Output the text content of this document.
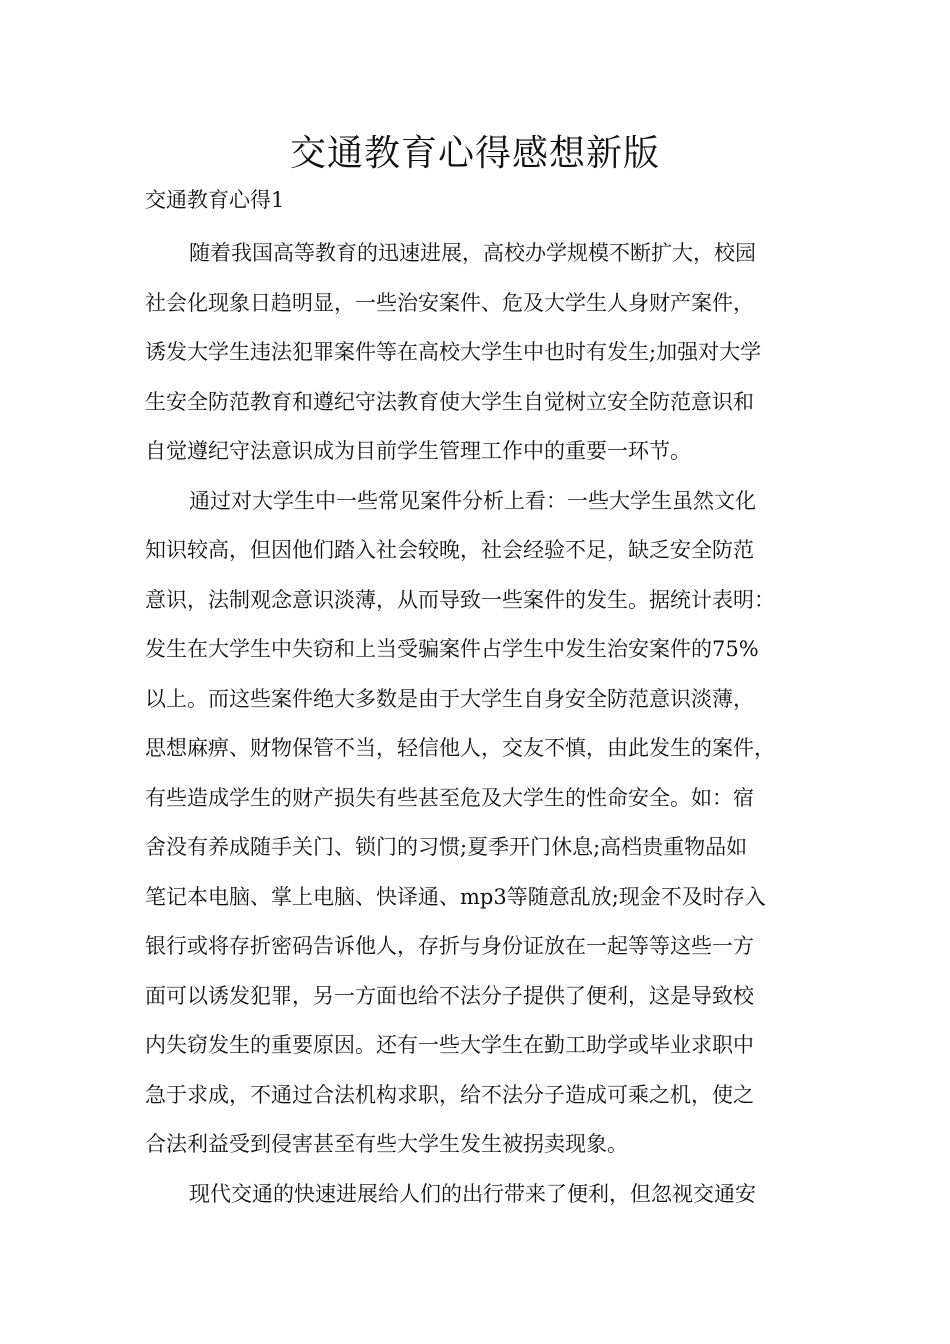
交通教育心得感想新版

交通教育心得1

随着我国高等教育的迅速进展，高校办学规模不断扩大，校园
社会化现象日趋明显，一些治安案件、危及大学生人身财产案件，
诱发大学生违法犯罪案件等在高校大学生中也时有发生;加强对大学
生安全防范教育和遵纪守法教育使大学生自觉树立安全防范意识和
自觉遵纪守法意识成为目前学生管理工作中的重要一环节。
通过对大学生中一些常见案件分析上看：一些大学生虽然文化
知识较高，但因他们踏入社会较晚，社会经验不足，缺乏安全防范
意识，法制观念意识淡薄，从而导致一些案件的发生。据统计表明：
发生在大学生中失窃和上当受骗案件占学生中发生治安案件的75%
以上。而这些案件绝大多数是由于大学生自身安全防范意识淡薄，
思想麻痹、财物保管不当，轻信他人，交友不慎，由此发生的案件，
有些造成学生的财产损失有些甚至危及大学生的性命安全。如：宿
舍没有养成随手关门、锁门的习惯;夏季开门休息;高档贵重物品如
笔记本电脑、掌上电脑、快译通、mp3等随意乱放;现金不及时存入
银行或将存折密码告诉他人，存折与身份证放在一起等等这些一方
面可以诱发犯罪，另一方面也给不法分子提供了便利，这是导致校
内失窃发生的重要原因。还有一些大学生在勤工助学或毕业求职中
急于求成，不通过合法机构求职，给不法分子造成可乘之机，使之
合法利益受到侵害甚至有些大学生发生被拐卖现象。
现代交通的快速进展给人们的出行带来了便利，但忽视交通安
